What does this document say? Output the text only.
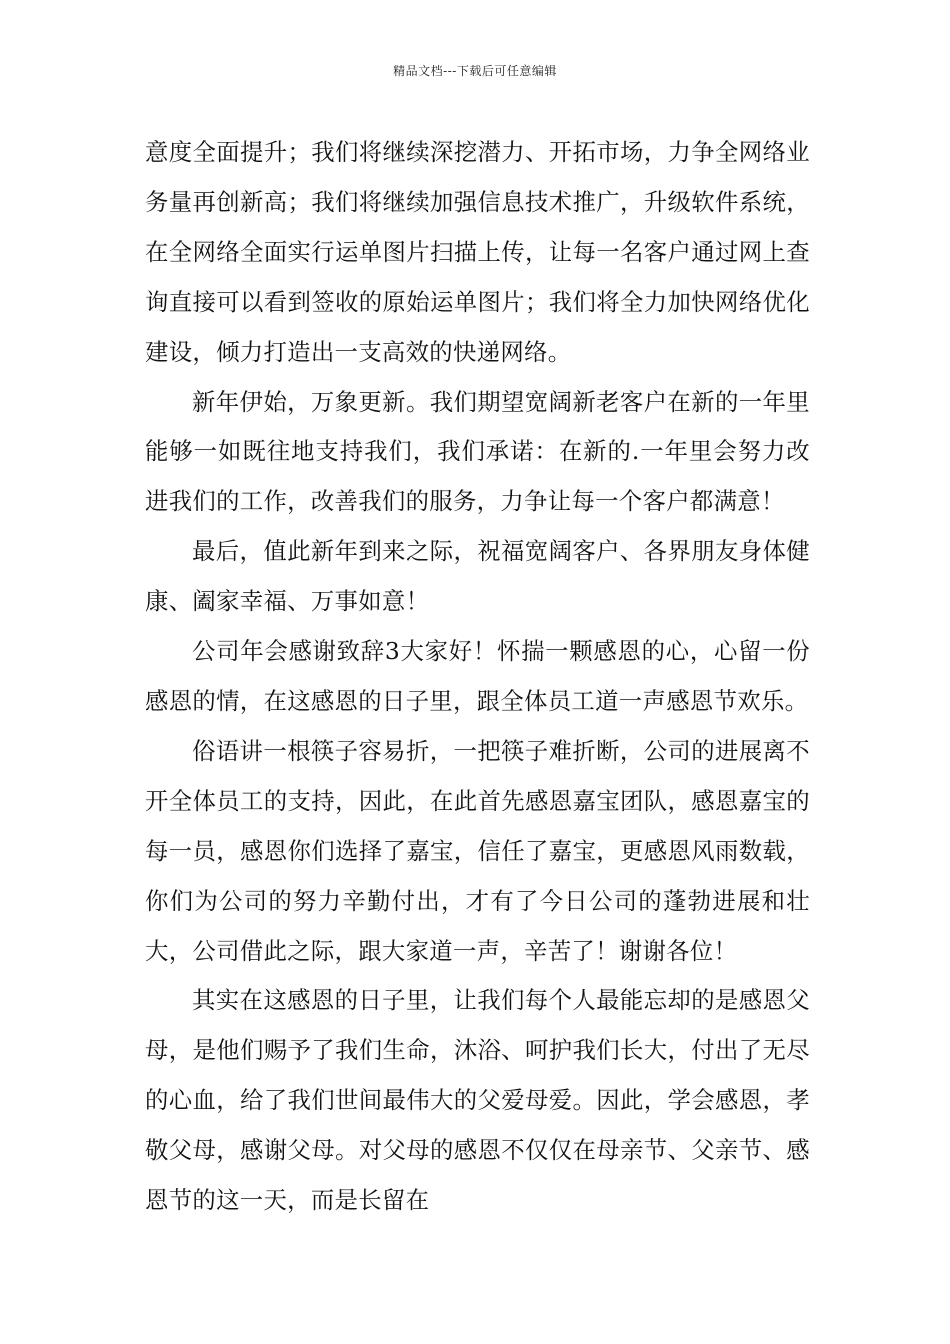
精品文档---下载后可任意编辑

意度全面提升；我们将继续深挖潜力、开拓市场，力争全网络业务量再创新高；我们将继续加强信息技术推广，升级软件系统，在全网络全面实行运单图片扫描上传，让每一名客户通过网上查询直接可以看到签收的原始运单图片；我们将全力加快网络优化建设，倾力打造出一支高效的快递网络。

新年伊始，万象更新。我们期望宽阔新老客户在新的一年里能够一如既往地支持我们，我们承诺：在新的.一年里会努力改进我们的工作，改善我们的服务，力争让每一个客户都满意！

最后，值此新年到来之际，祝福宽阔客户、各界朋友身体健康、阖家幸福、万事如意！

公司年会感谢致辞3大家好！怀揣一颗感恩的心，心留一份感恩的情，在这感恩的日子里，跟全体员工道一声感恩节欢乐。

俗语讲一根筷子容易折，一把筷子难折断，公司的进展离不开全体员工的支持，因此，在此首先感恩嘉宝团队，感恩嘉宝的每一员，感恩你们选择了嘉宝，信任了嘉宝，更感恩风雨数载，你们为公司的努力辛勤付出，才有了今日公司的蓬勃进展和壮大，公司借此之际，跟大家道一声，辛苦了！谢谢各位！

其实在这感恩的日子里，让我们每个人最能忘却的是感恩父母，是他们赐予了我们生命，沐浴、呵护我们长大，付出了无尽的心血，给了我们世间最伟大的父爱母爱。因此，学会感恩，孝敬父母，感谢父母。对父母的感恩不仅仅在母亲节、父亲节、感恩节的这一天，而是长留在
